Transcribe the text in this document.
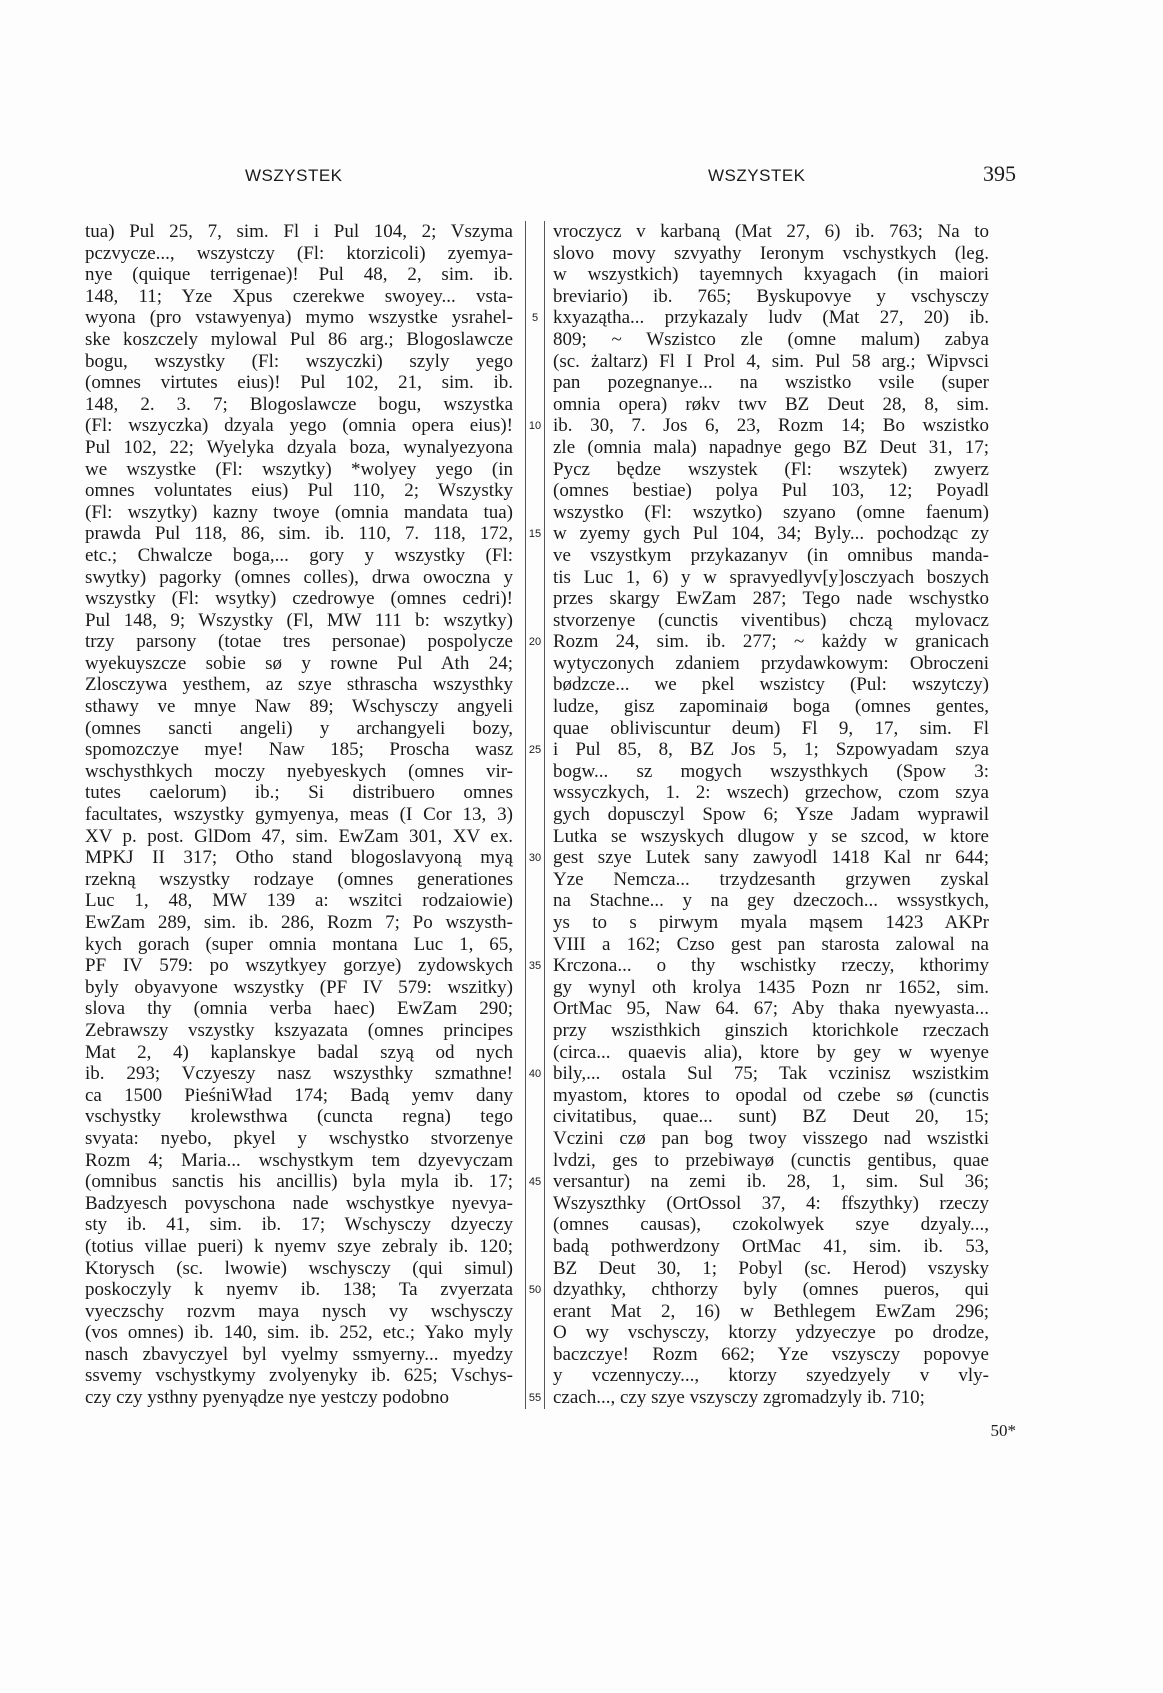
WSZYSTEK	WSZYSTEK	395
tua) Pul 25, 7, sim. Fl i Pul 104, 2; Vszyma
pczvycze..., wszystczy (Fl: ktorzicoli) zyemya-
nye (quique terrigenae)! Pul 48, 2, sim. ib.
148, 11; Yze Xpus czerekwe swoyey... vsta-
wyona (pro vstawyenya) mymo wszystke ysrahel-
ske koszczely mylowal Pul 86 arg.; Blogoslawcze
bogu, wszystky (Fl: wszyczki) szyly yego
(omnes virtutes eius)! Pul 102, 21, sim. ib.
148, 2. 3. 7; Blogoslawcze bogu, wszystka
(Fl: wszyczka) dzyala yego (omnia opera eius)!
Pul 102, 22; Wyelyka dzyala boza, wynalyezyona
we wszystke (Fl: wszytky) *wolyey yego (in
omnes voluntates eius) Pul 110, 2; Wszystky
(Fl: wszytky) kazny twoye (omnia mandata tua)
prawda Pul 118, 86, sim. ib. 110, 7. 118, 172,
etc.; Chwalcze boga,... gory y wszystky (Fl:
swytky) pagorky (omnes colles), drwa owoczna y
wszystky (Fl: wsytky) czedrowye (omnes cedri)!
Pul 148, 9; Wszystky (Fl, MW 111 b: wszytky)
trzy parsony (totae tres personae) pospolycze
wyekuyszcze sobie sø y rowne Pul Ath 24;
Zlosczywa yesthem, az szye sthrascha wszysthky
sthawy ve mnye Naw 89; Wschysczy angyeli
(omnes sancti angeli) y archangyeli bozy,
spomozczye mye! Naw 185; Proscha wasz
wschysthkych moczy nyebyeskych (omnes vir-
tutes caelorum) ib.; Si distribuero omnes
facultates, wszystky gymyenya, meas (I Cor 13, 3)
XV p. post. GlDom 47, sim. EwZam 301, XV ex.
MPKJ II 317; Otho stand blogoslavyoną myą
rzekną wszystky rodzaye (omnes generationes
Luc 1, 48, MW 139 a: wszitci rodzaiowie)
EwZam 289, sim. ib. 286, Rozm 7; Po wszysth-
kych gorach (super omnia montana Luc 1, 65,
PF IV 579: po wszytkyey gorzye) zydowskych
byly obyavyone wszystky (PF IV 579: wszitky)
slova thy (omnia verba haec) EwZam 290;
Zebrawszy vszystky kszyazata (omnes principes
Mat 2, 4) kaplanskye badal szyą od nych
ib. 293; Vczyeszy nasz wszysthky szmathne!
ca 1500 PieśniWład 174; Badą yemv dany
vschystky krolewsthwa (cuncta regna) tego
svyata: nyebo, pkyel y wschystko stvorzenye
Rozm 4; Maria... wschystkym tem dzyevyczam
(omnibus sanctis his ancillis) byla myla ib. 17;
Badzyesch povyschona nade wschystkye nyevya-
sty ib. 41, sim. ib. 17; Wschysczy dzyeczy
(totius villae pueri) k nyemv szye zebraly ib. 120;
Ktorysch (sc. lwowie) wschysczy (qui simul)
poskoczyly k nyemv ib. 138; Ta zvyerzata
vyeczschy rozvm maya nysch vy wschysczy
(vos omnes) ib. 140, sim. ib. 252, etc.; Yako myly
nasch zbavyczyel byl vyelmy ssmyerny... myedzy
ssvemy vschystkymy zvolyenyky ib. 625; Vschys-
czy czy ysthny pyenyądze nye yestczy podobno
5
10
15
20
25
30
35
40
45
50
55
vroczycz v karbaną (Mat 27, 6) ib. 763; Na to
slovo movy szvyathy Ieronym vschystkych (leg.
w wszystkich) tayemnych kxyagach (in maiori
breviario) ib. 765; Byskupovye y vschysczy
kxyazątha... przykazaly ludv (Mat 27, 20) ib.
809; ~ Wszistco zle (omne malum) zabya
(sc. żaltarz) Fl I Prol 4, sim. Pul 58 arg.; Wipvsci
pan pozegnanye... na wszistko vsile (super
omnia opera) røkv twv BZ Deut 28, 8, sim.
ib. 30, 7. Jos 6, 23, Rozm 14; Bo wszistko
zle (omnia mala) napadnye gego BZ Deut 31, 17;
Pycz będze wszystek (Fl: wszytek) zwyerz
(omnes bestiae) polya Pul 103, 12; Poyadl
wszystko (Fl: wszytko) szyano (omne faenum)
w zyemy gych Pul 104, 34; Byly... pochodząc zy
ve vszystkym przykazanyv (in omnibus manda-
tis Luc 1, 6) y w spravyedlyv[y]osczyach boszych
przes skargy EwZam 287; Tego nade wschystko
stvorzenye (cunctis viventibus) chczą mylovacz
Rozm 24, sim. ib. 277; ~ każdy w granicach
wytyczonych zdaniem przydawkowym: Obroczeni
bødzcze... we pkel wszistcy (Pul: wszytczy)
ludze, gisz zapominaiø boga (omnes gentes,
quae obliviscuntur deum) Fl 9, 17, sim. Fl
i Pul 85, 8, BZ Jos 5, 1; Szpowyadam szya
bogw... sz mogych wszysthkych (Spow 3:
wssyczkych, 1. 2: wszech) grzechow, czom szya
gych dopusczyl Spow 6; Ysze Jadam wyprawil
Lutka se wszyskych dlugow y se szcod, w ktore
gest szye Lutek sany zawyodl 1418 Kal nr 644;
Yze Nemcza... trzydzesanth grzywen zyskal
na Stachne... y na gey dzeczoch... wssystkych,
ys to s pirwym myala mąsem 1423 AKPr
VIII a 162; Czso gest pan starosta zalowal na
Krczona... o thy wschistky rzeczy, kthorimy
gy wynyl oth krolya 1435 Pozn nr 1652, sim.
OrtMac 95, Naw 64. 67; Aby thaka nyewyasta...
przy wszisthkich ginszich ktorichkole rzeczach
(circa... quaevis alia), ktore by gey w wyenye
bily,... ostala Sul 75; Tak vczinisz wszistkim
myastom, ktores to opodal od czebe sø (cunctis
civitatibus, quae... sunt) BZ Deut 20, 15;
Vczini czø pan bog twoy visszego nad wszistki
lvdzi, ges to przebiwayø (cunctis gentibus, quae
versantur) na zemi ib. 28, 1, sim. Sul 36;
Wszyszthky (OrtOssol 37, 4: ffszythky) rzeczy
(omnes causas), czokolwyek szye dzyaly...,
badą pothwerdzony OrtMac 41, sim. ib. 53,
BZ Deut 30, 1; Pobyl (sc. Herod) vszysky
dzyathky, chthorzy byly (omnes pueros, qui
erant Mat 2, 16) w Bethlegem EwZam 296;
O wy vschysczy, ktorzy ydzyeczye po drodze,
baczczye! Rozm 662; Yze vszysczy popovye
y vczennyczy..., ktorzy szyedzyely v vly-
czach..., czy szye vszysczy zgromadzyly ib. 710;
50*
